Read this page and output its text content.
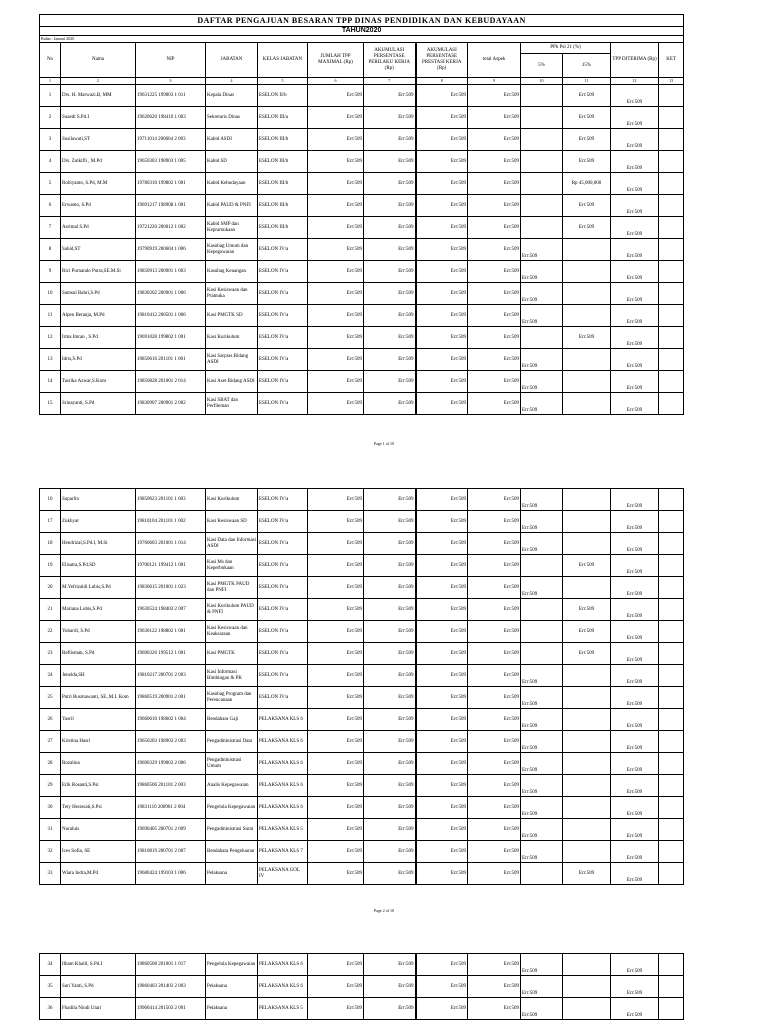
DAFTAR PENGAJUAN BESARAN TPP DINAS PENDIDIKAN DAN KEBUDAYAAN												
TAHUN2020												
Bulan : Januari 2020												
No	Nama	NIP	JABATAN	KELAS JABATAN	JUMLAH TPP MAXIMAL (Rp)	AKUMULASI PERSENTASE PERILAKU KERJA (Rp)	AKUMULASI PERSENTASE PRESTASI KERJA (Rp)	total Aspek	PPh Psl 21 (%)		TPP DITERIMA (Rp)	KET
									5%	15%		
1	2	3	4	5	6	7	8	9	10	11	12	13
1	Drs. H. Marwazi.B, MM	19631225 199003 1 011	Kepala Dinas	ESELON II/b	Err:509	Err:509	Err:509	Err:509		Err:509	Err:509	
2	Suaedi S.Pd.I	19620620 198410 1 003	Sekretaris Dinas	ESELON III/a	Err:509	Err:509	Err:509	Err:509		Err:509	Err:509	
3	Susilawati,ST	19711014 200604 2 003	Kabid ASDI	ESELON III/b	Err:509	Err:509	Err:509	Err:509		Err:509	Err:509	
4	Drs. Zulkifli , M.Pd	19650303 198903 1 005	Kabid SD	ESELON III/b	Err:509	Err:509	Err:509	Err:509		Err:509	Err:509	
5	Robiyanto, S.Pd, M.M	19780310 199802 1 001	Kabid Kebudayaan	ESELON III/b	Err:509	Err:509	Err:509	Err:509		Rp 45,000,000	Err:509	
6	Erwanto, S.Pd	19691217 198908 1 001	Kabid PAUD & PNFI	ESELON III/b	Err:509	Err:509	Err:509	Err:509		Err:509	Err:509	
7	Asrimal S.Pd	19721220 200012 1 002	Kabid SMP dan Kepramukaan	ESELON III/b	Err:509	Err:509	Err:509	Err:509		Err:509	Err:509	
8	Sahid,ST	19790919 200604 1 006	Kasubag Umum dan Kepegawaian	ESELON IV/a	Err:509	Err:509	Err:509	Err:509	Err:509		Err:509	
9	Rici Purnando Putra,SE.M.Si	19850913 200901 1 003	Kasubag Keuangan	ESELON IV/a	Err:509	Err:509	Err:509	Err:509	Err:509		Err:509	
10	Samsul Bahri,S.Pd	19830202 200901 1 006	Kasi Kesiswaan dan Pramuka	ESELON IV/a	Err:509	Err:509	Err:509	Err:509	Err:509		Err:509	
11	Alpen Beranja, M.Pd	19810412 200501 1 006	Kasi PMGTK SD	ESELON IV/a	Err:509	Err:509	Err:509	Err:509	Err:509		Err:509	
12	Irma Imran , S.Pd	19691028 199802 1 001	Kasi Kurikulum	ESELON IV/a	Err:509	Err:509	Err:509	Err:509		Err:509	Err:509	
13	Idris,S.Pd	19850616 201101 1 001	Kasi Sarpras Bidang ASDI	ESELON IV/a	Err:509	Err:509	Err:509	Err:509	Err:509		Err:509	
14	Tasrika Azwar,S.Kom	19850828 201001 2 014	Kasi Aset Bidang ASDI	ESELON IV/a	Err:509	Err:509	Err:509	Err:509	Err:509		Err:509	
15	Srinayanti, S.Pd	19830907 200901 2 002	Kasi SBAT dan Perfileman	ESELON IV/a	Err:509	Err:509	Err:509	Err:509	Err:509		Err:509	
Page 1 of 10
16	Suparlin	19850623 201101 1 003	Kasi Kurikulum	ESELON IV/a	Err:509	Err:509	Err:509	Err:509	Err:509		Err:509	
17	Zukhyar	19810104 201101 1 002	Kasi Kesiswaan SD	ESELON IV/a	Err:509	Err:509	Err:509	Err:509	Err:509		Err:509	
18	Hendrizal,S.Pd.I, M.Si	19760603 201001 1 014	Kasi Data dan Informasi ASDI	ESELON IV/a	Err:509	Err:509	Err:509	Err:509	Err:509		Err:509	
19	Elisatra,S.Pd.SD	19700121 199412 1 001	Kasi Ms dan Keperbukaan	ESELON IV/a	Err:509	Err:509	Err:509	Err:509		Err:509	Err:509	
20	M.Yefrizaldi Lubis,S.Pd	19830615 201001 1 023	Kasi PMGTK PAUD dan PNFI	ESELON IV/a	Err:509	Err:509	Err:509	Err:509	Err:509		Err:509	
21	Mariana Lubis,S.Pd	19630524 198403 2 007	Kasi Kurikulum PAUD & PNFI	ESELON IV/a	Err:509	Err:509	Err:509	Err:509		Err:509	Err:509	
22	Yuhardi, S.Pd	19630122 198802 1 001	Kasi Kesiswaan dan Keaksaraan	ESELON IV/a	Err:509	Err:509	Err:509	Err:509		Err:509	Err:509	
23	Reflisman, S.Pd	19690326 199512 1 001	Kasi PMGTK	ESELON IV/a	Err:509	Err:509	Err:509	Err:509		Err:509	Err:509	
24	Jenelda,SH	19810217 200701 2 003	Kasi Informasi Bimbingan & PK	ESELON IV/a	Err:509	Err:509	Err:509	Err:509	Err:509		Err:509	
25	Putri Rusmawanti, SE.,M.I. Kom	19860519 200901 2 001	Kasubag Program dan Perencanaan	ESELON IV/a	Err:509	Err:509	Err:509	Err:509	Err:509		Err:509	
26	Yasril	19660610 198602 1 004	Bendahara Gaji	PELAKSANA KLS 6	Err:509	Err:509	Err:509	Err:509	Err:509		Err:509	
27	Kristina Hasri	19650203 198903 2 003	Pengadministrasi Data	PELAKSANA KLS 6	Err:509	Err:509	Err:509	Err:509	Err:509		Err:509	
28	Rozalina	19690329 199003 2 006	Pengadministrasi Umum	PELAKSANA KLS 6	Err:509	Err:509	Err:509	Err:509	Err:509		Err:509	
29	Erik Rosanti,S.Psi	19860506 201101 2 003	Analis Kepegawaian	PELAKSANA KLS 6	Err:509	Err:509	Err:509	Err:509	Err:509		Err:509	
30	Tety Herawati,S.Psi	19831110 200901 2 004	Pengelola Kepegawaian	PELAKSANA KLS 6	Err:509	Err:509	Err:509	Err:509	Err:509		Err:509	
31	Nuraluis	19690405 200701 2 009	Pengadministrasi Surat	PELAKSANA KLS 5	Err:509	Err:509	Err:509	Err:509	Err:509		Err:509	
32	Ices Sofia, SE	19810819 200701 2 007	Bendahara Pengeluaran	PELAKSANA KLS 7	Err:509	Err:509	Err:509	Err:509	Err:509		Err:509	
33	Wiara Indra,M.Pd	19680424 199103 1 006	Pelaksana	PELAKSANA GOL IV	Err:509	Err:509	Err:509	Err:509		Err:509	Err:509	
Page 2 of 10
34	Ilham Khalil, S.Pd.I	19860508 201001 1 017	Pengelola Kepegawaian	PELAKSANA KLS 6	Err:509	Err:509	Err:509	Err:509	Err:509		Err:509	
35	Sari Yanti, S.Pd	19860403 201403 2 003	Pelaksana	PELAKSANA KLS 6	Err:509	Err:509	Err:509	Err:509	Err:509		Err:509	
36	Fhadila Nindi Utari	19960414 201503 2 001	Pelaksana	PELAKSANA KLS 5	Err:509	Err:509	Err:509	Err:509	Err:509		Err:509	
